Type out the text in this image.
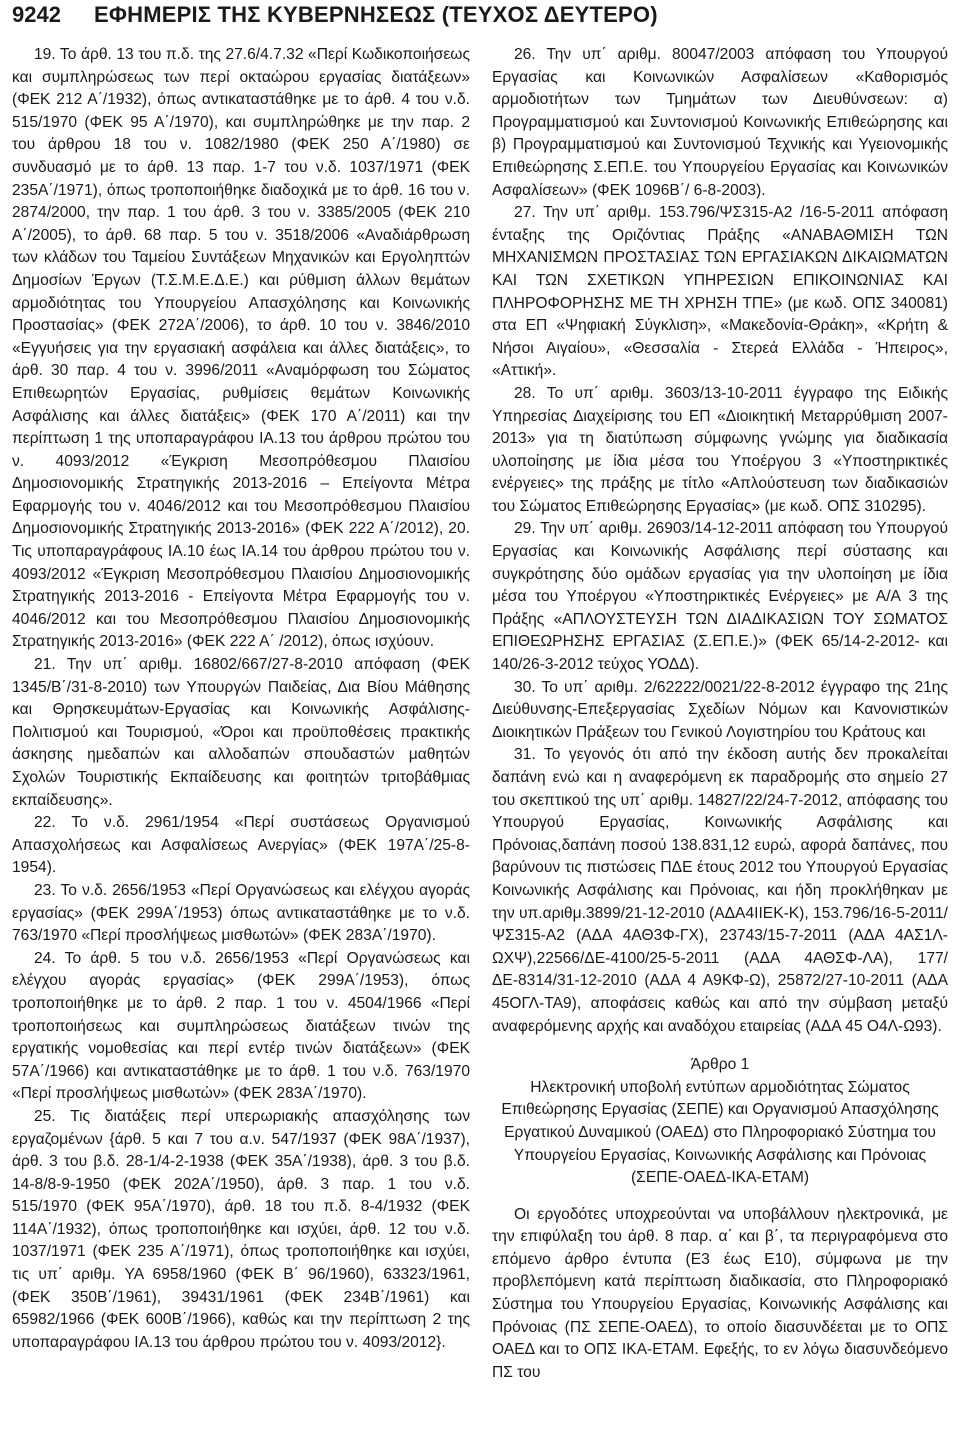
9242 ΕΦΗΜΕΡΙΣ ΤΗΣ ΚΥΒΕΡΝΗΣΕΩΣ (ΤΕΥΧΟΣ ΔΕΥΤΕΡΟ)

19. Το άρθ. 13 του π.δ. της 27.6/4.7.32 «Περί Κωδικοποιήσεως και συμπληρώσεως των περί οκταώρου εργασίας διατάξεων» (ΦΕΚ 212 Α΄/1932), όπως αντικαταστάθηκε με το άρθ. 4 του ν.δ. 515/1970 (ΦΕΚ 95 Α΄/1970), και συμπληρώθηκε με την παρ. 2 του άρθρου 18 του ν. 1082/1980 (ΦΕΚ 250 Α΄/1980) σε συνδυασμό με το άρθ. 13 παρ. 1-7 του ν.δ. 1037/1971 (ΦΕΚ 235Α΄/1971), όπως τροποποιήθηκε διαδοχικά με το άρθ. 16 του ν. 2874/2000, την παρ. 1 του άρθ. 3 του ν. 3385/2005 (ΦΕΚ 210 Α΄/2005), το άρθ. 68 παρ. 5 του ν. 3518/2006 «Αναδιάρθρωση των κλάδων του Ταμείου Συντάξεων Μηχανικών και Εργοληπτών Δημοσίων Έργων (Τ.Σ.Μ.Ε.Δ.Ε.) και ρύθμιση άλλων θεμάτων αρμοδιότητας του Υπουργείου Απασχόλησης και Κοινωνικής Προστασίας» (ΦΕΚ 272Α΄/2006), το άρθ. 10 του ν. 3846/2010 «Εγγυήσεις για την εργασιακή ασφάλεια και άλλες διατάξεις», το άρθ. 30 παρ. 4 του ν. 3996/2011 «Αναμόρφωση του Σώματος Επιθεωρητών Εργασίας, ρυθμίσεις θεμάτων Κοινωνικής Ασφάλισης και άλλες διατάξεις» (ΦΕΚ 170 Α΄/2011) και την περίπτωση 1 της υποπαραγράφου ΙΑ.13 του άρθρου πρώτου του ν. 4093/2012 «Έγκριση Μεσοπρόθεσμου Πλαισίου Δημοσιονομικής Στρατηγικής 2013-2016 – Επείγοντα Μέτρα Εφαρμογής του ν. 4046/2012 και του Μεσοπρόθεσμου Πλαισίου Δημοσιονομικής Στρατηγικής 2013-2016» (ΦΕΚ 222 Α΄/2012), 20. Τις υποπαραγράφους ΙΑ.10 έως ΙΑ.14 του άρθρου πρώτου του ν. 4093/2012 «Έγκριση Μεσοπρόθεσμου Πλαισίου Δημοσιονομικής Στρατηγικής 2013-2016 - Επείγοντα Μέτρα Εφαρμογής του ν. 4046/2012 και του Μεσοπρόθεσμου Πλαισίου Δημοσιονομικής Στρατηγικής 2013-2016» (ΦΕΚ 222 Α΄ /2012), όπως ισχύουν.

21. Την υπ΄ αριθμ. 16802/667/27-8-2010 απόφαση (ΦΕΚ 1345/Β΄/31-8-2010) των Υπουργών Παιδείας, Δια Βίου Μάθησης και Θρησκευμάτων-Εργασίας και Κοινωνικής Ασφάλισης-Πολιτισμού και Τουρισμού, «Όροι και προϋποθέσεις πρακτικής άσκησης ημεδαπών και αλλοδαπών σπουδαστών μαθητών Σχολών Τουριστικής Εκπαίδευσης και φοιτητών τριτοβάθμιας εκπαίδευσης».

22. Το ν.δ. 2961/1954 «Περί συστάσεως Οργανισμού Απασχολήσεως και Ασφαλίσεως Ανεργίας» (ΦΕΚ 197Α΄/25-8-1954).

23. Το ν.δ. 2656/1953 «Περί Οργανώσεως και ελέγχου αγοράς εργασίας» (ΦΕΚ 299Α΄/1953) όπως αντικαταστάθηκε με το ν.δ. 763/1970 «Περί προσλήψεως μισθωτών» (ΦΕΚ 283Α΄/1970).

24. Το άρθ. 5 του ν.δ. 2656/1953 «Περί Οργανώσεως και ελέγχου αγοράς εργασίας» (ΦΕΚ 299Α΄/1953), όπως τροποποιήθηκε με το άρθ. 2 παρ. 1 του ν. 4504/1966 «Περί τροποποιήσεως και συμπληρώσεως διατάξεων τινών της εργατικής νομοθεσίας και περί εντέρ τινών διατάξεων» (ΦΕΚ 57Α΄/1966) και αντικαταστάθηκε με το άρθ. 1 του ν.δ. 763/1970 «Περί προσλήψεως μισθωτών» (ΦΕΚ 283Α΄/1970).

25. Τις διατάξεις περί υπερωριακής απασχόλησης των εργαζομένων {άρθ. 5 και 7 του α.ν. 547/1937 (ΦΕΚ 98Α΄/1937), άρθ. 3 του β.δ. 28-1/4-2-1938 (ΦΕΚ 35Α΄/1938), άρθ. 3 του β.δ. 14-8/8-9-1950 (ΦΕΚ 202Α΄/1950), άρθ. 3 παρ. 1 του ν.δ. 515/1970 (ΦΕΚ 95Α΄/1970), άρθ. 18 του π.δ. 8-4/1932 (ΦΕΚ 114Α΄/1932), όπως τροποποιήθηκε και ισχύει, άρθ. 12 του ν.δ. 1037/1971 (ΦΕΚ 235 Α΄/1971), όπως τροποποιήθηκε και ισχύει, τις υπ΄ αριθμ. ΥΑ 6958/1960 (ΦΕΚ Β΄ 96/1960), 63323/1961, (ΦΕΚ 350Β΄/1961), 39431/1961 (ΦΕΚ 234Β΄/1961) και 65982/1966 (ΦΕΚ 600Β΄/1966), καθώς και την περίπτωση 2 της υποπαραγράφου ΙΑ.13 του άρθρου πρώτου του ν. 4093/2012}.

26. Την υπ΄ αριθμ. 80047/2003 απόφαση του Υπουργού Εργασίας και Κοινωνικών Ασφαλίσεων «Καθορισμός αρμοδιοτήτων των Τμημάτων των Διευθύνσεων: α) Προγραμματισμού και Συντονισμού Κοινωνικής Επιθεώρησης και β) Προγραμματισμού και Συντονισμού Τεχνικής και Υγειονομικής Επιθεώρησης Σ.ΕΠ.Ε. του Υπουργείου Εργασίας και Κοινωνικών Ασφαλίσεων» (ΦΕΚ 1096Β΄/ 6-8-2003).

27. Την υπ΄ αριθμ. 153.796/ΨΣ315-Α2 /16-5-2011 απόφαση ένταξης της Οριζόντιας Πράξης «ΑΝΑΒΑΘΜΙΣΗ ΤΩΝ ΜΗΧΑΝΙΣΜΩΝ ΠΡΟΣΤΑΣΙΑΣ ΤΩΝ ΕΡΓΑΣΙΑΚΩΝ ΔΙΚΑΙΩΜΑΤΩΝ ΚΑΙ ΤΩΝ ΣΧΕΤΙΚΩΝ ΥΠΗΡΕΣΙΩΝ ΕΠΙΚΟΙΝΩΝΙΑΣ ΚΑΙ ΠΛΗΡΟΦΟΡΗΣΗΣ ΜΕ ΤΗ ΧΡΗΣΗ ΤΠΕ» (με κωδ. ΟΠΣ 340081) στα ΕΠ «Ψηφιακή Σύγκλιση», «Μακεδονία-Θράκη», «Κρήτη & Νήσοι Αιγαίου», «Θεσσαλία - Στερεά Ελλάδα - Ήπειρος», «Αττική».

28. Το υπ΄ αριθμ. 3603/13-10-2011 έγγραφο της Ειδικής Υπηρεσίας Διαχείρισης του ΕΠ «Διοικητική Μεταρρύθμιση 2007-2013» για τη διατύπωση σύμφωνης γνώμης για διαδικασία υλοποίησης με ίδια μέσα του Υποέργου 3 «Υποστηρικτικές ενέργειες» της πράξης με τίτλο «Απλούστευση των διαδικασιών του Σώματος Επιθεώρησης Εργασίας» (με κωδ. ΟΠΣ 310295).

29. Την υπ΄ αριθμ. 26903/14-12-2011 απόφαση του Υπουργού Εργασίας και Κοινωνικής Ασφάλισης περί σύστασης και συγκρότησης δύο ομάδων εργασίας για την υλοποίηση με ίδια μέσα του Υποέργου «Υποστηρικτικές Ενέργειες» με Α/Α 3 της Πράξης «ΑΠΛΟΥΣΤΕΥΣΗ ΤΩΝ ΔΙΑΔΙΚΑΣΙΩΝ ΤΟΥ ΣΩΜΑΤΟΣ ΕΠΙΘΕΩΡΗΣΗΣ ΕΡΓΑΣΙΑΣ (Σ.ΕΠ.Ε.)» (ΦΕΚ 65/14-2-2012- και 140/26-3-2012 τεύχος ΥΟΔΔ).

30. Το υπ΄ αριθμ. 2/62222/0021/22-8-2012 έγγραφο της 21ης Διεύθυνσης-Επεξεργασίας Σχεδίων Νόμων και Κανονιστικών Διοικητικών Πράξεων του Γενικού Λογιστηρίου του Κράτους και

31. Το γεγονός ότι από την έκδοση αυτής δεν προκαλείται δαπάνη ενώ και η αναφερόμενη εκ παραδρομής στο σημείο 27 του σκεπτικού της υπ΄ αριθμ. 14827/22/24-7-2012, απόφασης του Υπουργού Εργασίας, Κοινωνικής Ασφάλισης και Πρόνοιας,δαπάνη ποσού 138.831,12 ευρώ, αφορά δαπάνες, που βαρύνουν τις πιστώσεις ΠΔΕ έτους 2012 του Υπουργού Εργασίας Κοινωνικής Ασφάλισης και Πρόνοιας, και ήδη προκλήθηκαν με την υπ.αριθμ.3899/21-12-2010 (ΑΔΑ4ΙΙΕΚ-Κ), 153.796/16-5-2011/ΨΣ315-Α2 (ΑΔΑ 4ΑΘ3Φ-ΓΧ), 23743/15-7-2011 (ΑΔΑ 4ΑΣ1Λ-ΩΧΨ),22566/ΔΕ-4100/25-5-2011 (ΑΔΑ 4ΑΘΣΦ-ΛΑ), 177/ΔΕ-8314/31-12-2010 (ΑΔΑ 4 Α9ΚΦ-Ω), 25872/27-10-2011 (ΑΔΑ 45ΟΓΛ-ΤΑ9), αποφάσεις καθώς και από την σύμβαση μεταξύ αναφερόμενης αρχής και αναδόχου εταιρείας (ΑΔΑ 45 Ο4Λ-Ω93).

Άρθρο 1

Ηλεκτρονική υποβολή εντύπων αρμοδιότητας Σώματος Επιθεώρησης Εργασίας (ΣΕΠΕ) και Οργανισμού Απασχόλησης Εργατικού Δυναμικού (ΟΑΕΔ) στο Πληροφοριακό Σύστημα του Υπουργείου Εργασίας, Κοινωνικής Ασφάλισης και Πρόνοιας (ΣΕΠΕ-ΟΑΕΔ-ΙΚΑ-ΕΤΑΜ)

Οι εργοδότες υποχρεούνται να υποβάλλουν ηλεκτρονικά, με την επιφύλαξη του άρθ. 8 παρ. α΄ και β΄, τα περιγραφόμενα στο επόμενο άρθρο έντυπα (Ε3 έως Ε10), σύμφωνα με την προβλεπόμενη κατά περίπτωση διαδικασία, στο Πληροφοριακό Σύστημα του Υπουργείου Εργασίας, Κοινωνικής Ασφάλισης και Πρόνοιας (ΠΣ ΣΕΠΕ-ΟΑΕΔ), το οποίο διασυνδέεται με το ΟΠΣ ΟΑΕΔ και το ΟΠΣ ΙΚΑ-ΕΤΑΜ. Εφεξής, το εν λόγω διασυνδεόμενο ΠΣ του
